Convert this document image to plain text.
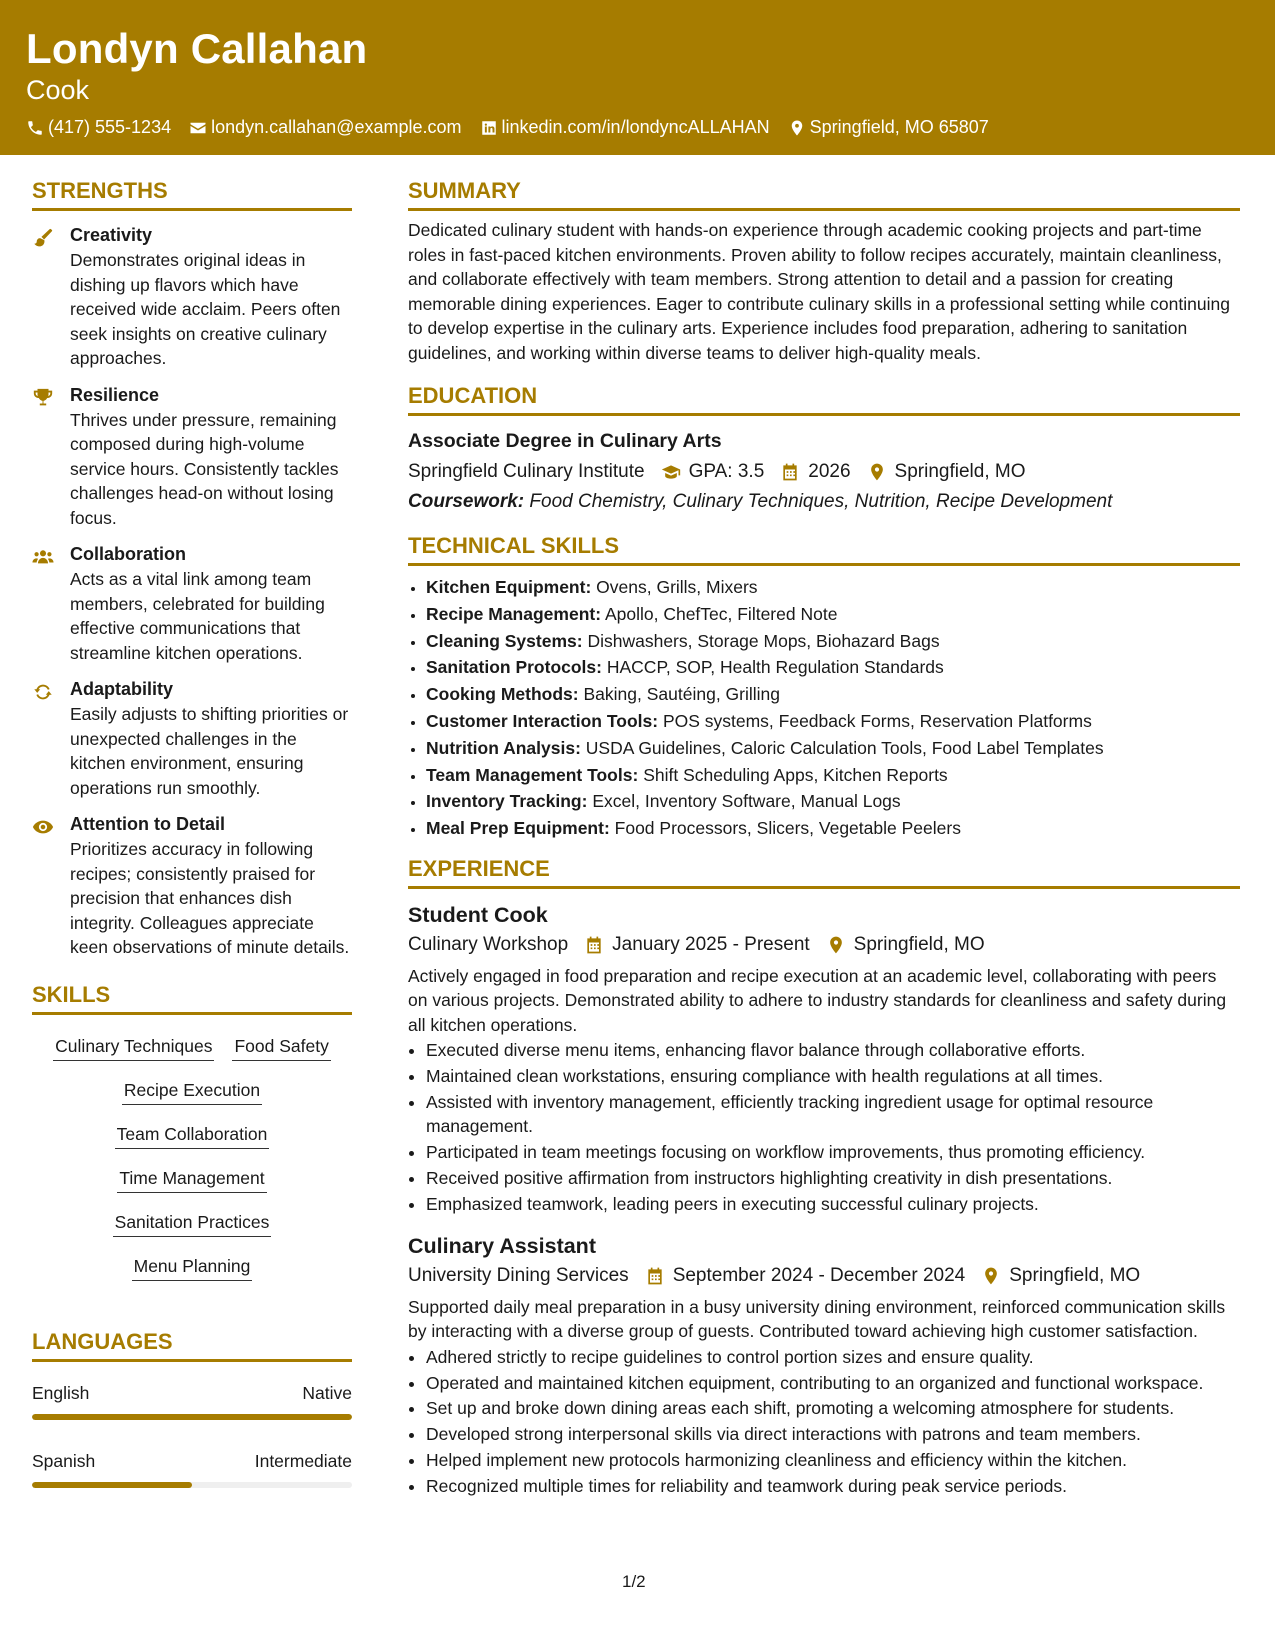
Londyn Callahan
Cook
(417) 555-1234 londyn.callahan@example.com linkedin.com/in/londyncALLAHAN Springfield, MO 65807
STRENGTHS
Creativity
Demonstrates original ideas in dishing up flavors which have received wide acclaim. Peers often seek insights on creative culinary approaches.
Resilience
Thrives under pressure, remaining composed during high-volume service hours. Consistently tackles challenges head-on without losing focus.
Collaboration
Acts as a vital link among team members, celebrated for building effective communications that streamline kitchen operations.
Adaptability
Easily adjusts to shifting priorities or unexpected challenges in the kitchen environment, ensuring operations run smoothly.
Attention to Detail
Prioritizes accuracy in following recipes; consistently praised for precision that enhances dish integrity. Colleagues appreciate keen observations of minute details.
SKILLS
Culinary Techniques Food Safety
Recipe Execution
Team Collaboration
Time Management
Sanitation Practices
Menu Planning
LANGUAGES
English	Native
Spanish	Intermediate
SUMMARY
Dedicated culinary student with hands-on experience through academic cooking projects and part-time roles in fast-paced kitchen environments. Proven ability to follow recipes accurately, maintain cleanliness, and collaborate effectively with team members. Strong attention to detail and a passion for creating memorable dining experiences. Eager to contribute culinary skills in a professional setting while continuing to develop expertise in the culinary arts. Experience includes food preparation, adhering to sanitation guidelines, and working within diverse teams to deliver high-quality meals.
EDUCATION
Associate Degree in Culinary Arts
Springfield Culinary Institute GPA: 3.5 2026 Springfield, MO
Coursework: Food Chemistry, Culinary Techniques, Nutrition, Recipe Development
TECHNICAL SKILLS
• Kitchen Equipment: Ovens, Grills, Mixers
• Recipe Management: Apollo, ChefTec, Filtered Note
• Cleaning Systems: Dishwashers, Storage Mops, Biohazard Bags
• Sanitation Protocols: HACCP, SOP, Health Regulation Standards
• Cooking Methods: Baking, Sautéing, Grilling
• Customer Interaction Tools: POS systems, Feedback Forms, Reservation Platforms
• Nutrition Analysis: USDA Guidelines, Caloric Calculation Tools, Food Label Templates
• Team Management Tools: Shift Scheduling Apps, Kitchen Reports
• Inventory Tracking: Excel, Inventory Software, Manual Logs
• Meal Prep Equipment: Food Processors, Slicers, Vegetable Peelers
EXPERIENCE
Student Cook
Culinary Workshop January 2025 - Present Springfield, MO
Actively engaged in food preparation and recipe execution at an academic level, collaborating with peers on various projects. Demonstrated ability to adhere to industry standards for cleanliness and safety during all kitchen operations.
• Executed diverse menu items, enhancing flavor balance through collaborative efforts.
• Maintained clean workstations, ensuring compliance with health regulations at all times.
• Assisted with inventory management, efficiently tracking ingredient usage for optimal resource management.
• Participated in team meetings focusing on workflow improvements, thus promoting efficiency.
• Received positive affirmation from instructors highlighting creativity in dish presentations.
• Emphasized teamwork, leading peers in executing successful culinary projects.
Culinary Assistant
University Dining Services September 2024 - December 2024 Springfield, MO
Supported daily meal preparation in a busy university dining environment, reinforced communication skills by interacting with a diverse group of guests. Contributed toward achieving high customer satisfaction.
• Adhered strictly to recipe guidelines to control portion sizes and ensure quality.
• Operated and maintained kitchen equipment, contributing to an organized and functional workspace.
• Set up and broke down dining areas each shift, promoting a welcoming atmosphere for students.
• Developed strong interpersonal skills via direct interactions with patrons and team members.
• Helped implement new protocols harmonizing cleanliness and efficiency within the kitchen.
• Recognized multiple times for reliability and teamwork during peak service periods.
1/2
